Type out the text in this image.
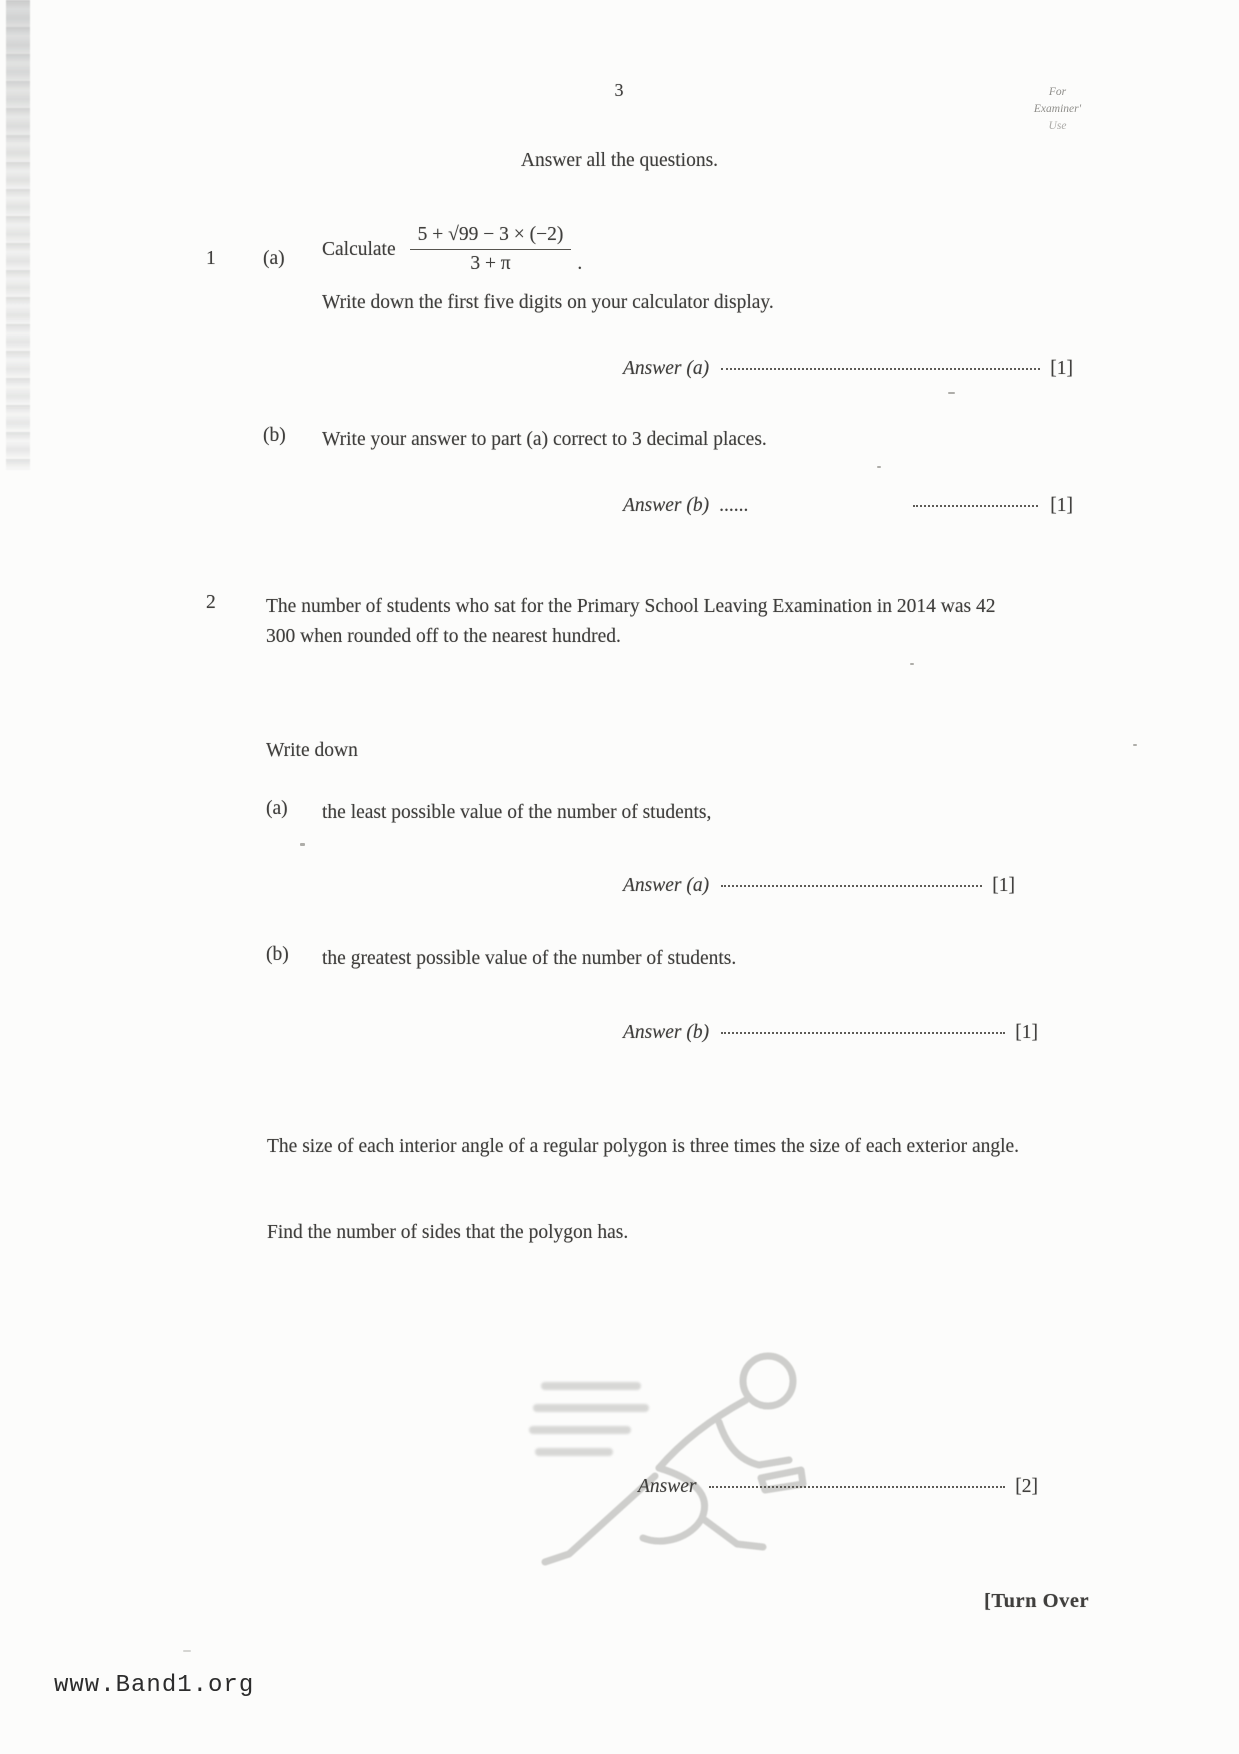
3	For
Examiner'
Use
Answer all the questions.
1 (a) Calculate $\frac{5 + √99 - 3 \times (-2)}{3 + \pi}$ .
Write down the first five digits on your calculator display.
Answer (a)	[1]
(b) Write your answer to part (a) correct to 3 decimal places.
Answer (b) ......	[1]
2	The number of students who sat for the Primary School Leaving Examination in 2014 was 42 300 when rounded off to the nearest hundred.
Write down
(a) the least possible value of the number of students,
Answer (a)	[1]
(b) the greatest possible value of the number of students.
Answer (b)	[1]
The size of each interior angle of a regular polygon is three times the size of each exterior angle.
Find the number of sides that the polygon has.
Answer	[2]
[Turn Over
www.Band1.org
